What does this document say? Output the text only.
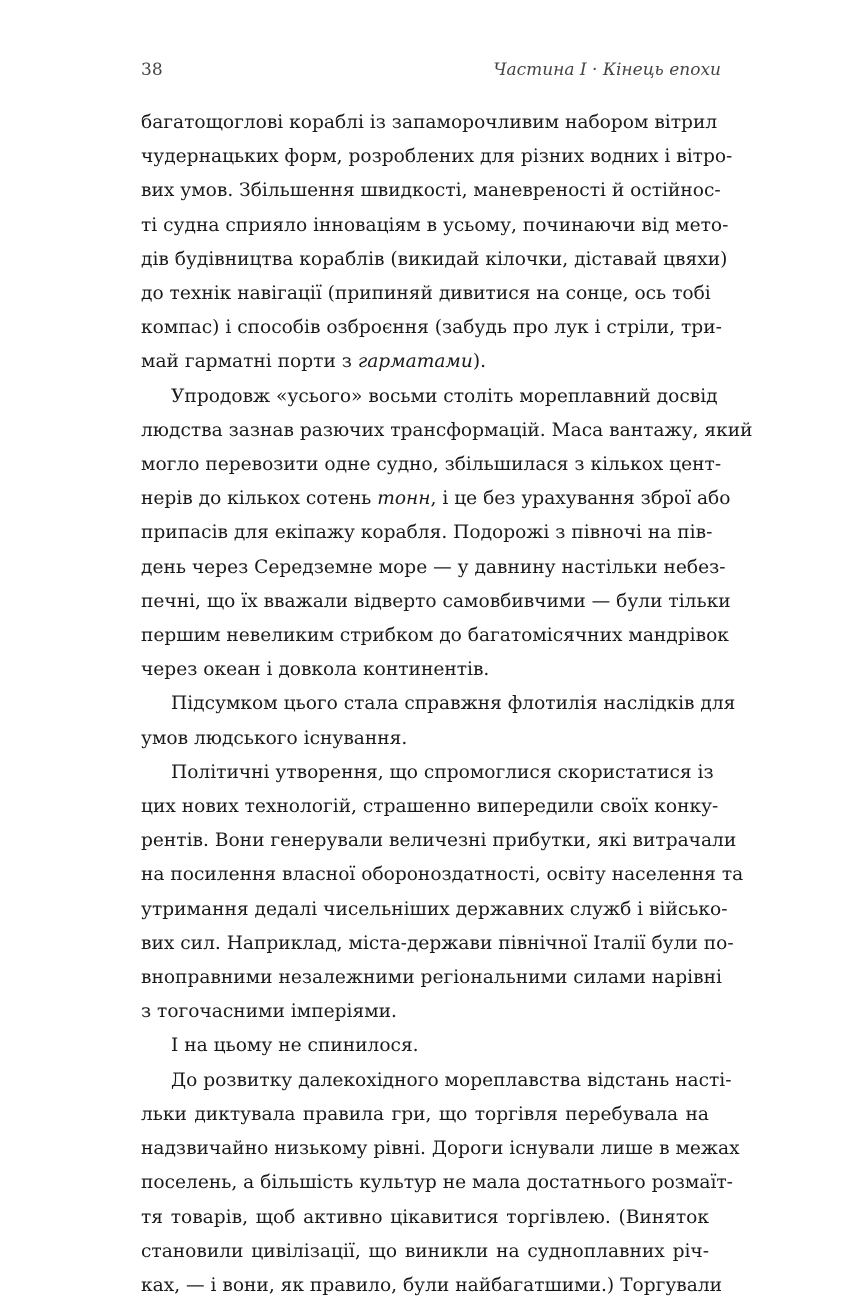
38	Частина I · Кінець епохи
багатощоглові кораблі із запаморочливим набором вітрил
чудернацьких форм, розроблених для різних водних і вітро-
вих умов. Збільшення швидкості, маневреності й остійнос-
ті судна сприяло інноваціям в усьому, починаючи від мето-
дів будівництва кораблів (викидай кілочки, діставай цвяхи)
до технік навігації (припиняй дивитися на сонце, ось тобі
компас) і способів озброєння (забудь про лук і стріли, три-
май гарматні порти з гарматами).
Упродовж «усього» восьми століть мореплавний досвід
людства зазнав разючих трансформацій. Маса вантажу, який
могло перевозити одне судно, збільшилася з кількох цент-
нерів до кількох сотень тонн, і це без урахування зброї або
припасів для екіпажу корабля. Подорожі з півночі на пів-
день через Середземне море — у давнину настільки небез-
печні, що їх вважали відверто самовбивчими — були тільки
першим невеликим стрибком до багатомісячних мандрівок
через океан і довкола континентів.
Підсумком цього стала справжня флотилія наслідків для
умов людського існування.
Політичні утворення, що спромоглися скористатися із
цих нових технологій, страшенно випередили своїх конку-
рентів. Вони генерували величезні прибутки, які витрачали
на посилення власної обороноздатності, освіту населення та
утримання дедалі чисельніших державних служб і військо-
вих сил. Наприклад, міста-держави північної Італії були по-
вноправними незалежними регіональними силами нарівні
з тогочасними імперіями.
І на цьому не спинилося.
До розвитку далекохідного мореплавства відстань насті-
льки диктувала правила гри, що торгівля перебувала на
надзвичайно низькому рівні. Дороги існували лише в межах
поселень, а більшість культур не мала достатнього розмаїт-
тя товарів, щоб активно цікавитися торгівлею. (Виняток
становили цивілізації, що виникли на судноплавних річ-
ках, — і вони, як правило, були найбагатшими.) Торгували
